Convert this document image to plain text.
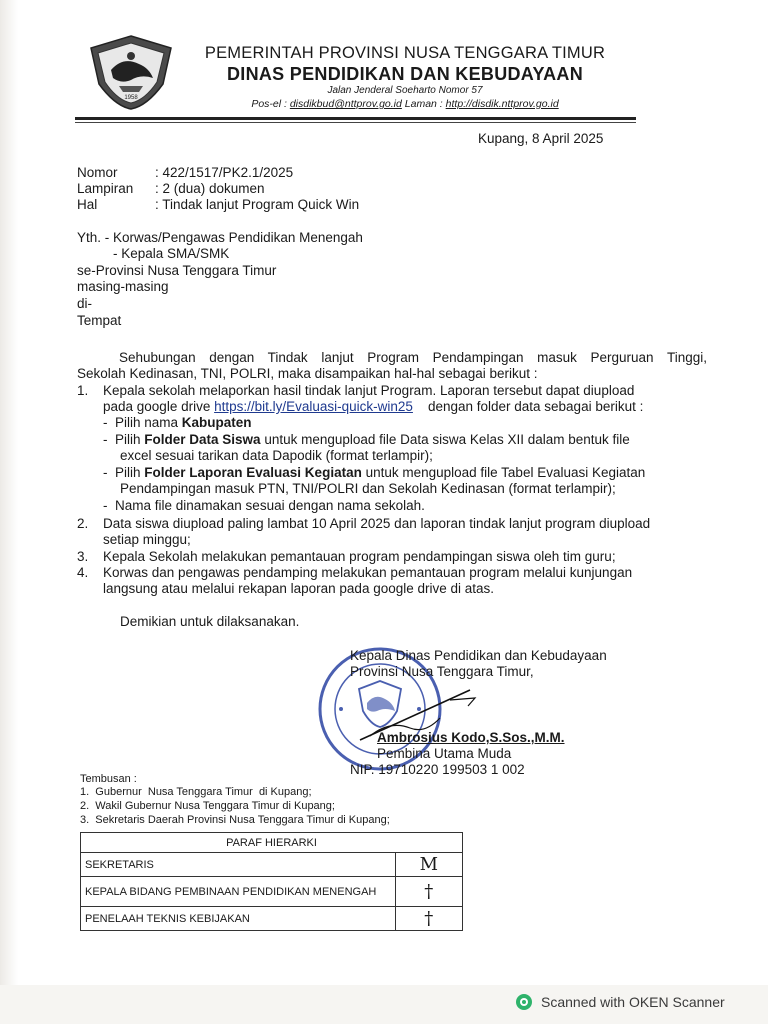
1958
PEMERINTAH PROVINSI NUSA TENGGARA TIMUR
DINAS PENDIDIKAN DAN KEBUDAYAAN
Jalan Jenderal Soeharto Nomor 57
Pos-el : disdikbud@nttprov.go.id Laman : http://disdik.nttprov.go.id
Kupang, 8 April 2025
Nomor	: 422/1517/PK2.1/2025
Lampiran : 2 (dua) dokumen
Hal	: Tindak lanjut Program Quick Win
Yth. - Korwas/Pengawas Pendidikan Menengah
- Kepala SMA/SMK
se-Provinsi Nusa Tenggara Timur
masing-masing
di-
Tempat
Sehubungan dengan Tindak lanjut Program Pendampingan masuk Perguruan Tinggi,
Sekolah Kedinasan, TNI, POLRI, maka disampaikan hal-hal sebagai berikut :
1. Kepala sekolah melaporkan hasil tindak lanjut Program. Laporan tersebut dapat diupload
pada google drive https://bit.ly/Evaluasi-quick-win25    dengan folder data sebagai berikut :
-  Pilih nama Kabupaten
-  Pilih Folder Data Siswa untuk mengupload file Data siswa Kelas XII dalam bentuk file
excel sesuai tarikan data Dapodik (format terlampir);
-  Pilih Folder Laporan Evaluasi Kegiatan untuk mengupload file Tabel Evaluasi Kegiatan
Pendampingan masuk PTN, TNI/POLRI dan Sekolah Kedinasan (format terlampir);
-  Nama file dinamakan sesuai dengan nama sekolah.
2. Data siswa diupload paling lambat 10 April 2025 dan laporan tindak lanjut program diupload
setiap minggu;
3. Kepala Sekolah melakukan pemantauan program pendampingan siswa oleh tim guru;
4. Korwas dan pengawas pendamping melakukan pemantauan program melalui kunjungan
langsung atau melalui rekapan laporan pada google drive di atas.
Demikian untuk dilaksanakan.
Kepala Dinas Pendidikan dan Kebudayaan
Provinsi Nusa Tenggara Timur,
Ambrosius Kodo,S.Sos.,M.M.
Pembina Utama Muda
NIP. 19710220 199503 1 002
Tembusan :
1.  Gubernur  Nusa Tenggara Timur  di Kupang;
2.  Wakil Gubernur Nusa Tenggara Timur di Kupang;
3.  Sekretaris Daerah Provinsi Nusa Tenggara Timur di Kupang;
PARAF HIERARKI	
SEKRETARIS	M
KEPALA BIDANG PEMBINAAN PENDIDIKAN MENENGAH	†
PENELAAH TEKNIS KEBIJAKAN	†
Scanned with OKEN Scanner
